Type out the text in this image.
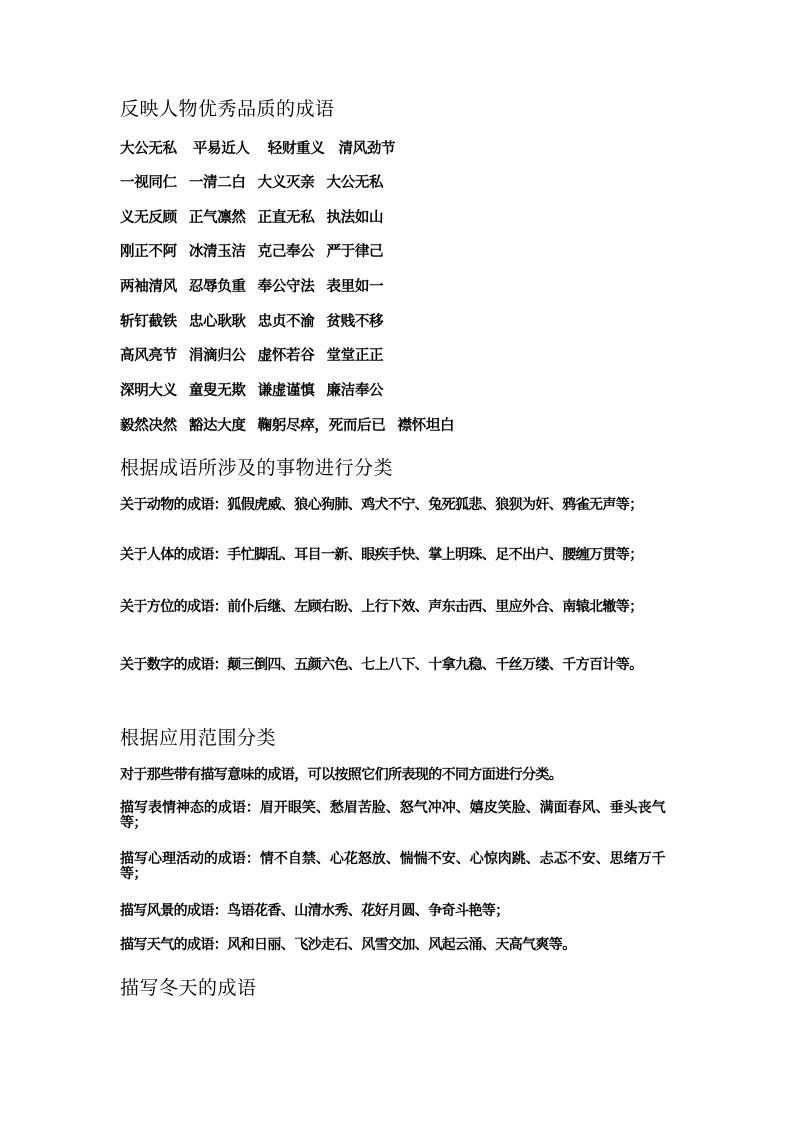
反映人物优秀品质的成语
大公无私 平易近人 轻财重义 清风劲节
一视同仁 一清二白 大义灭亲 大公无私
义无反顾 正气凛然 正直无私 执法如山
刚正不阿 冰清玉洁 克己奉公 严于律己
两袖清风 忍辱负重 奉公守法 表里如一
斩钉截铁 忠心耿耿 忠贞不渝 贫贱不移
高风亮节 涓滴归公 虚怀若谷 堂堂正正
深明大义 童叟无欺 谦虚谨慎 廉洁奉公
毅然决然 豁达大度 鞠躬尽瘁，死而后已 襟怀坦白
根据成语所涉及的事物进行分类

关于动物的成语：狐假虎威、狼心狗肺、鸡犬不宁、兔死狐悲、狼狈为奸、鸦雀无声等；

关于人体的成语：手忙脚乱、耳目一新、眼疾手快、掌上明珠、足不出户、腰缠万贯等；

关于方位的成语：前仆后继、左顾右盼、上行下效、声东击西、里应外合、南辕北辙等；

关于数字的成语：颠三倒四、五颜六色、七上八下、十拿九稳、千丝万缕、千方百计等。

根据应用范围分类

对于那些带有描写意味的成语，可以按照它们所表现的不同方面进行分类。

描写表情神态的成语：眉开眼笑、愁眉苦脸、怒气冲冲、嬉皮笑脸、满面春风、垂头丧气等；

描写心理活动的成语：情不自禁、心花怒放、惴惴不安、心惊肉跳、忐忑不安、思绪万千等；

描写风景的成语：鸟语花香、山清水秀、花好月圆、争奇斗艳等；

描写天气的成语：风和日丽、飞沙走石、风雪交加、风起云涌、天高气爽等。

描写冬天的成语
